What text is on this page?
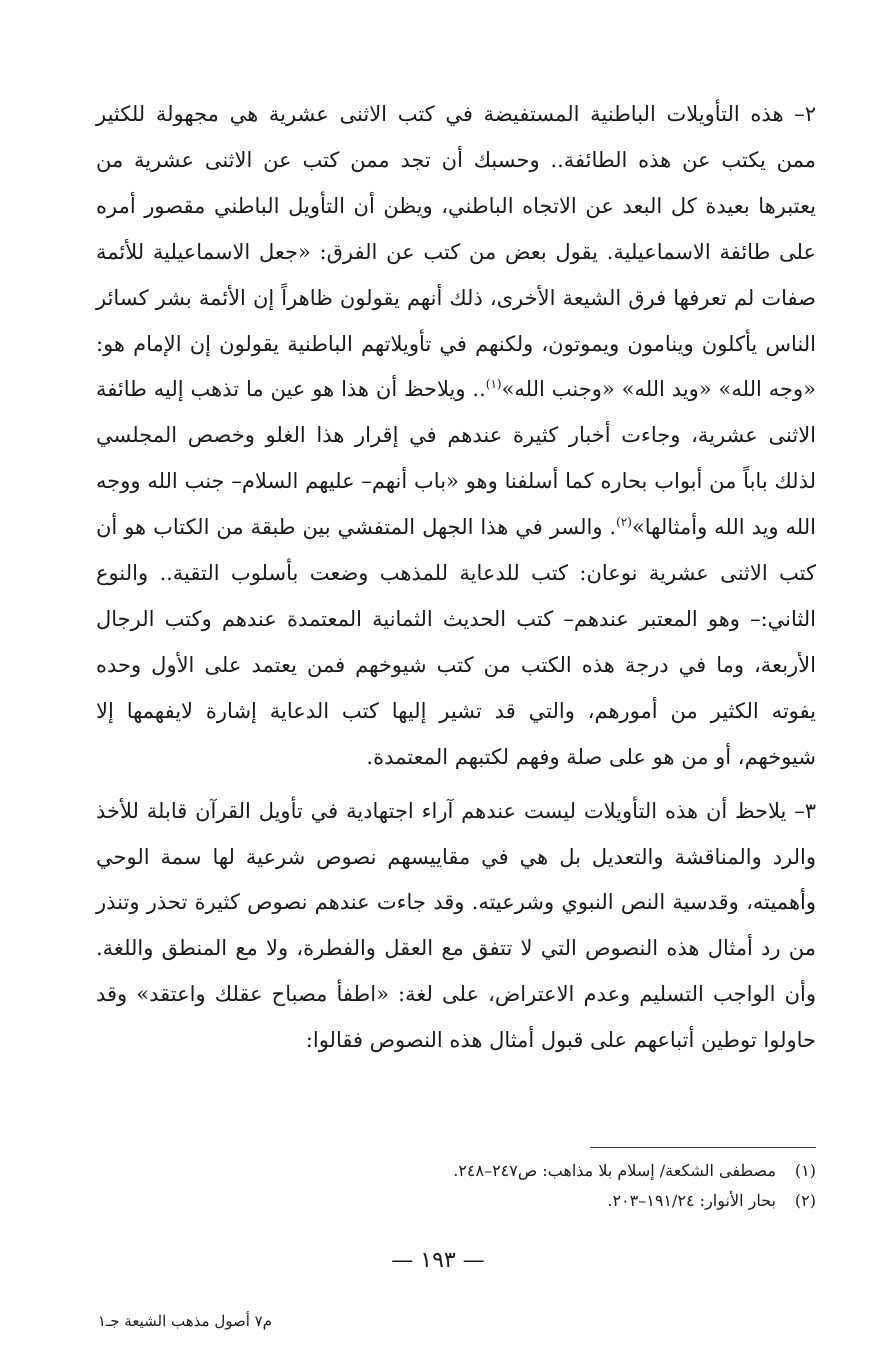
٢– هذه التأويلات الباطنية المستفيضة في كتب الاثنى عشرية هي مجهولة للكثير ممن يكتب عن هذه الطائفة.. وحسبك أن تجد ممن كتب عن الاثنى عشرية من يعتبرها بعيدة كل البعد عن الاتجاه الباطني، ويظن أن التأويل الباطني مقصور أمره على طائفة الاسماعيلية. يقول بعض من كتب عن الفرق: «جعل الاسماعيلية للأئمة صفات لم تعرفها فرق الشيعة الأخرى، ذلك أنهم يقولون ظاهراً إن الأئمة بشر كسائر الناس يأكلون وينامون ويموتون، ولكنهم في تأويلاتهم الباطنية يقولون إن الإمام هو: «وجه الله» «ويد الله» «وجنب الله»$^{(١)}$.. ويلاحظ أن هذا هو عين ما تذهب إليه طائفة الاثنى عشرية، وجاءت أخبار كثيرة عندهم في إقرار هذا الغلو وخصص المجلسي لذلك باباً من أبواب بحاره كما أسلفنا وهو «باب أنهم– عليهم السلام– جنب الله ووجه الله ويد الله وأمثالها»$^{(٢)}$. والسر في هذا الجهل المتفشي بين طبقة من الكتاب هو أن كتب الاثنى عشرية نوعان: كتب للدعاية للمذهب وضعت بأسلوب التقية.. والنوع الثاني:– وهو المعتبر عندهم– كتب الحديث الثمانية المعتمدة عندهم وكتب الرجال الأربعة، وما في درجة هذه الكتب من كتب شيوخهم فمن يعتمد على الأول وحده يفوته الكثير من أمورهم، والتي قد تشير إليها كتب الدعاية إشارة لايفهمها إلا شيوخهم، أو من هو على صلة وفهم لكتبهم المعتمدة.

٣– يلاحظ أن هذه التأويلات ليست عندهم آراء اجتهادية في تأويل القرآن قابلة للأخذ والرد والمناقشة والتعديل بل هي في مقاييسهم نصوص شرعية لها سمة الوحي وأهميته، وقدسية النص النبوي وشرعيته. وقد جاءت عندهم نصوص كثيرة تحذر وتنذر من رد أمثال هذه النصوص التي لا تتفق مع العقل والفطرة، ولا مع المنطق واللغة. وأن الواجب التسليم وعدم الاعتراض، على لغة: «اطفأ مصباح عقلك واعتقد» وقد حاولوا توطين أتباعهم على قبول أمثال هذه النصوص فقالوا:

(١)
مصطفى الشكعة/ إسلام بلا مذاهب: ص٢٤٧–٢٤٨.

(٢)
بحار الأنوار: ١٩١/٢٤–٢٠٣.

— ١٩٣ —
م٧ أصول مذهب الشيعة جـ١
